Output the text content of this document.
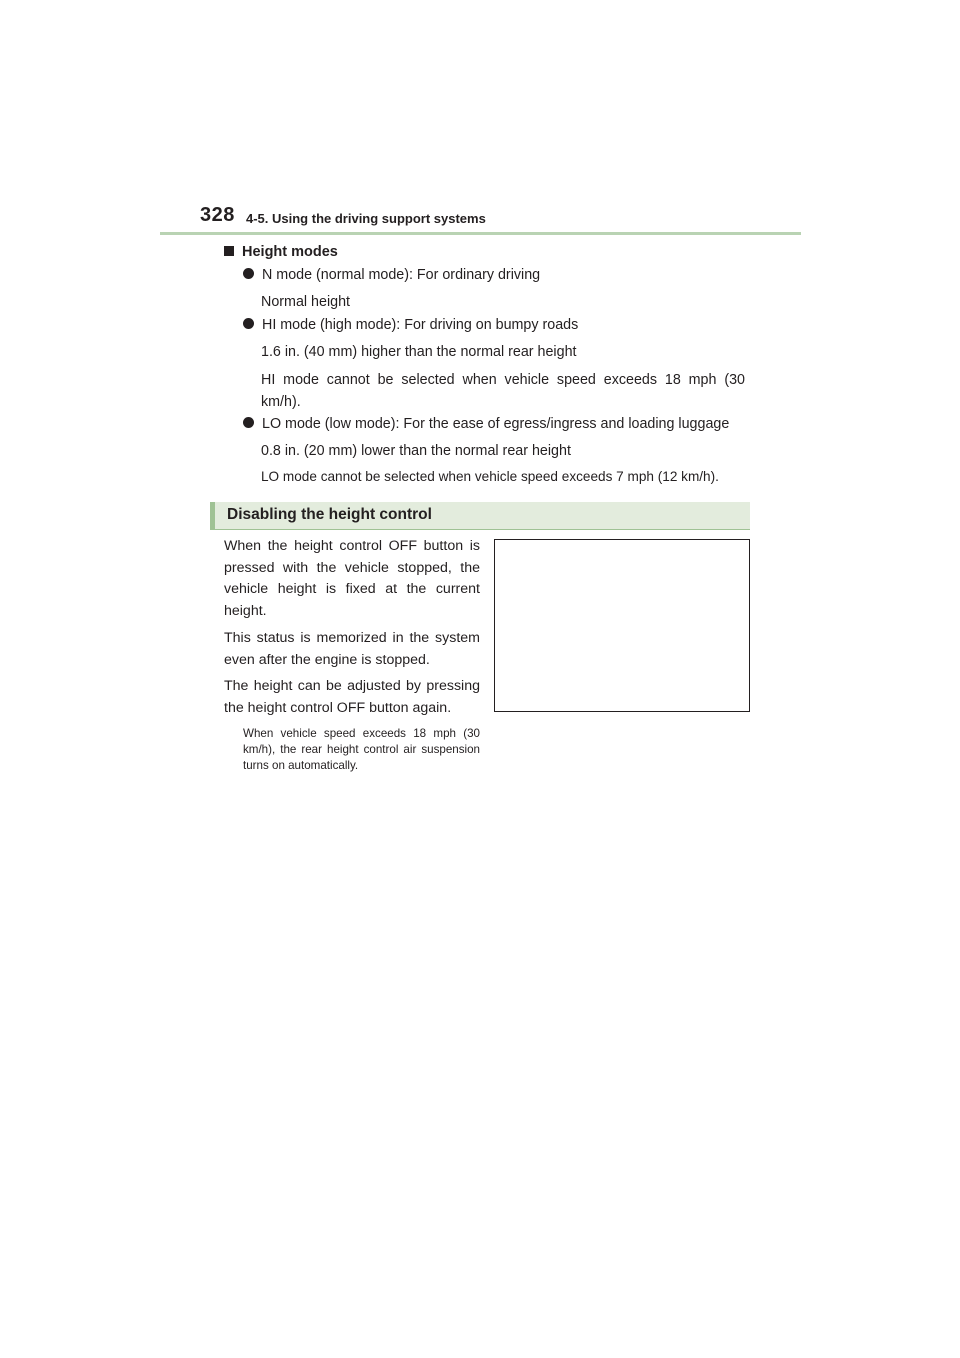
328 4-5. Using the driving support systems
Height modes
N mode (normal mode): For ordinary driving
Normal height
HI mode (high mode): For driving on bumpy roads
1.6 in. (40 mm) higher than the normal rear height
HI mode cannot be selected when vehicle speed exceeds 18 mph (30 km/h).
LO mode (low mode): For the ease of egress/ingress and loading luggage
0.8 in. (20 mm) lower than the normal rear height
LO mode cannot be selected when vehicle speed exceeds 7 mph (12 km/h).
Disabling the height control
When the height control OFF button is pressed with the vehicle stopped, the vehicle height is fixed at the current height.
This status is memorized in the system even after the engine is stopped.
The height can be adjusted by pressing the height control OFF button again.
When vehicle speed exceeds 18 mph (30 km/h), the rear height control air suspension turns on automatically.
